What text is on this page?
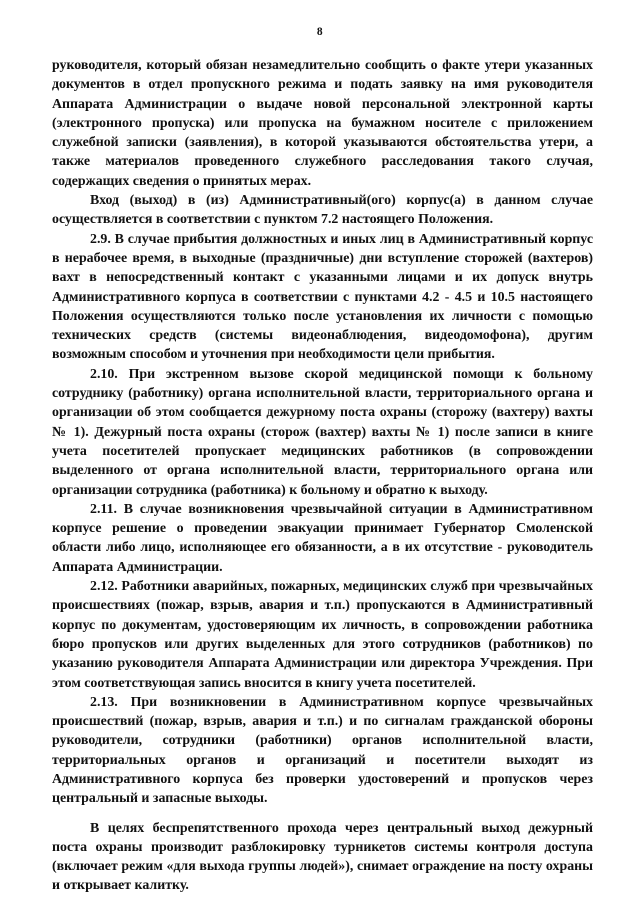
8

руководителя, который обязан незамедлительно сообщить о факте утери указанных документов в отдел пропускного режима и подать заявку на имя руководителя Аппарата Администрации о выдаче новой персональной электронной карты (электронного пропуска) или пропуска на бумажном носителе с приложением служебной записки (заявления), в которой указываются обстоятельства утери, а также материалов проведенного служебного расследования такого случая, содержащих сведения о принятых мерах.

Вход (выход) в (из) Административный(ого) корпус(а) в данном случае осуществляется в соответствии с пунктом 7.2 настоящего Положения.

2.9. В случае прибытия должностных и иных лиц в Административный корпус в нерабочее время, в выходные (праздничные) дни вступление сторожей (вахтеров) вахт в непосредственный контакт с указанными лицами и их допуск внутрь Административного корпуса в соответствии с пунктами 4.2 - 4.5 и 10.5 настоящего Положения осуществляются только после установления их личности с помощью технических средств (системы видеонаблюдения, видеодомофона), другим возможным способом и уточнения при необходимости цели прибытия.

2.10. При экстренном вызове скорой медицинской помощи к больному сотруднику (работнику) органа исполнительной власти, территориального органа и организации об этом сообщается дежурному поста охраны (сторожу (вахтеру) вахты № 1). Дежурный поста охраны (сторож (вахтер) вахты № 1) после записи в книге учета посетителей пропускает медицинских работников (в сопровождении выделенного от органа исполнительной власти, территориального органа или организации сотрудника (работника) к больному и обратно к выходу.

2.11. В случае возникновения чрезвычайной ситуации в Административном корпусе решение о проведении эвакуации принимает Губернатор Смоленской области либо лицо, исполняющее его обязанности, а в их отсутствие - руководитель Аппарата Администрации.

2.12. Работники аварийных, пожарных, медицинских служб при чрезвычайных происшествиях (пожар, взрыв, авария и т.п.) пропускаются в Административный корпус по документам, удостоверяющим их личность, в сопровождении работника бюро пропусков или других выделенных для этого сотрудников (работников) по указанию руководителя Аппарата Администрации или директора Учреждения. При этом соответствующая запись вносится в книгу учета посетителей.

2.13. При возникновении в Административном корпусе чрезвычайных происшествий (пожар, взрыв, авария и т.п.) и по сигналам гражданской обороны руководители, сотрудники (работники) органов исполнительной власти, территориальных органов и организаций и посетители выходят из Административного корпуса без проверки удостоверений и пропусков через центральный и запасные выходы.

В целях беспрепятственного прохода через центральный выход дежурный поста охраны производит разблокировку турникетов системы контроля доступа (включает режим «для выхода группы людей»), снимает ограждение на посту охраны и открывает калитку.
